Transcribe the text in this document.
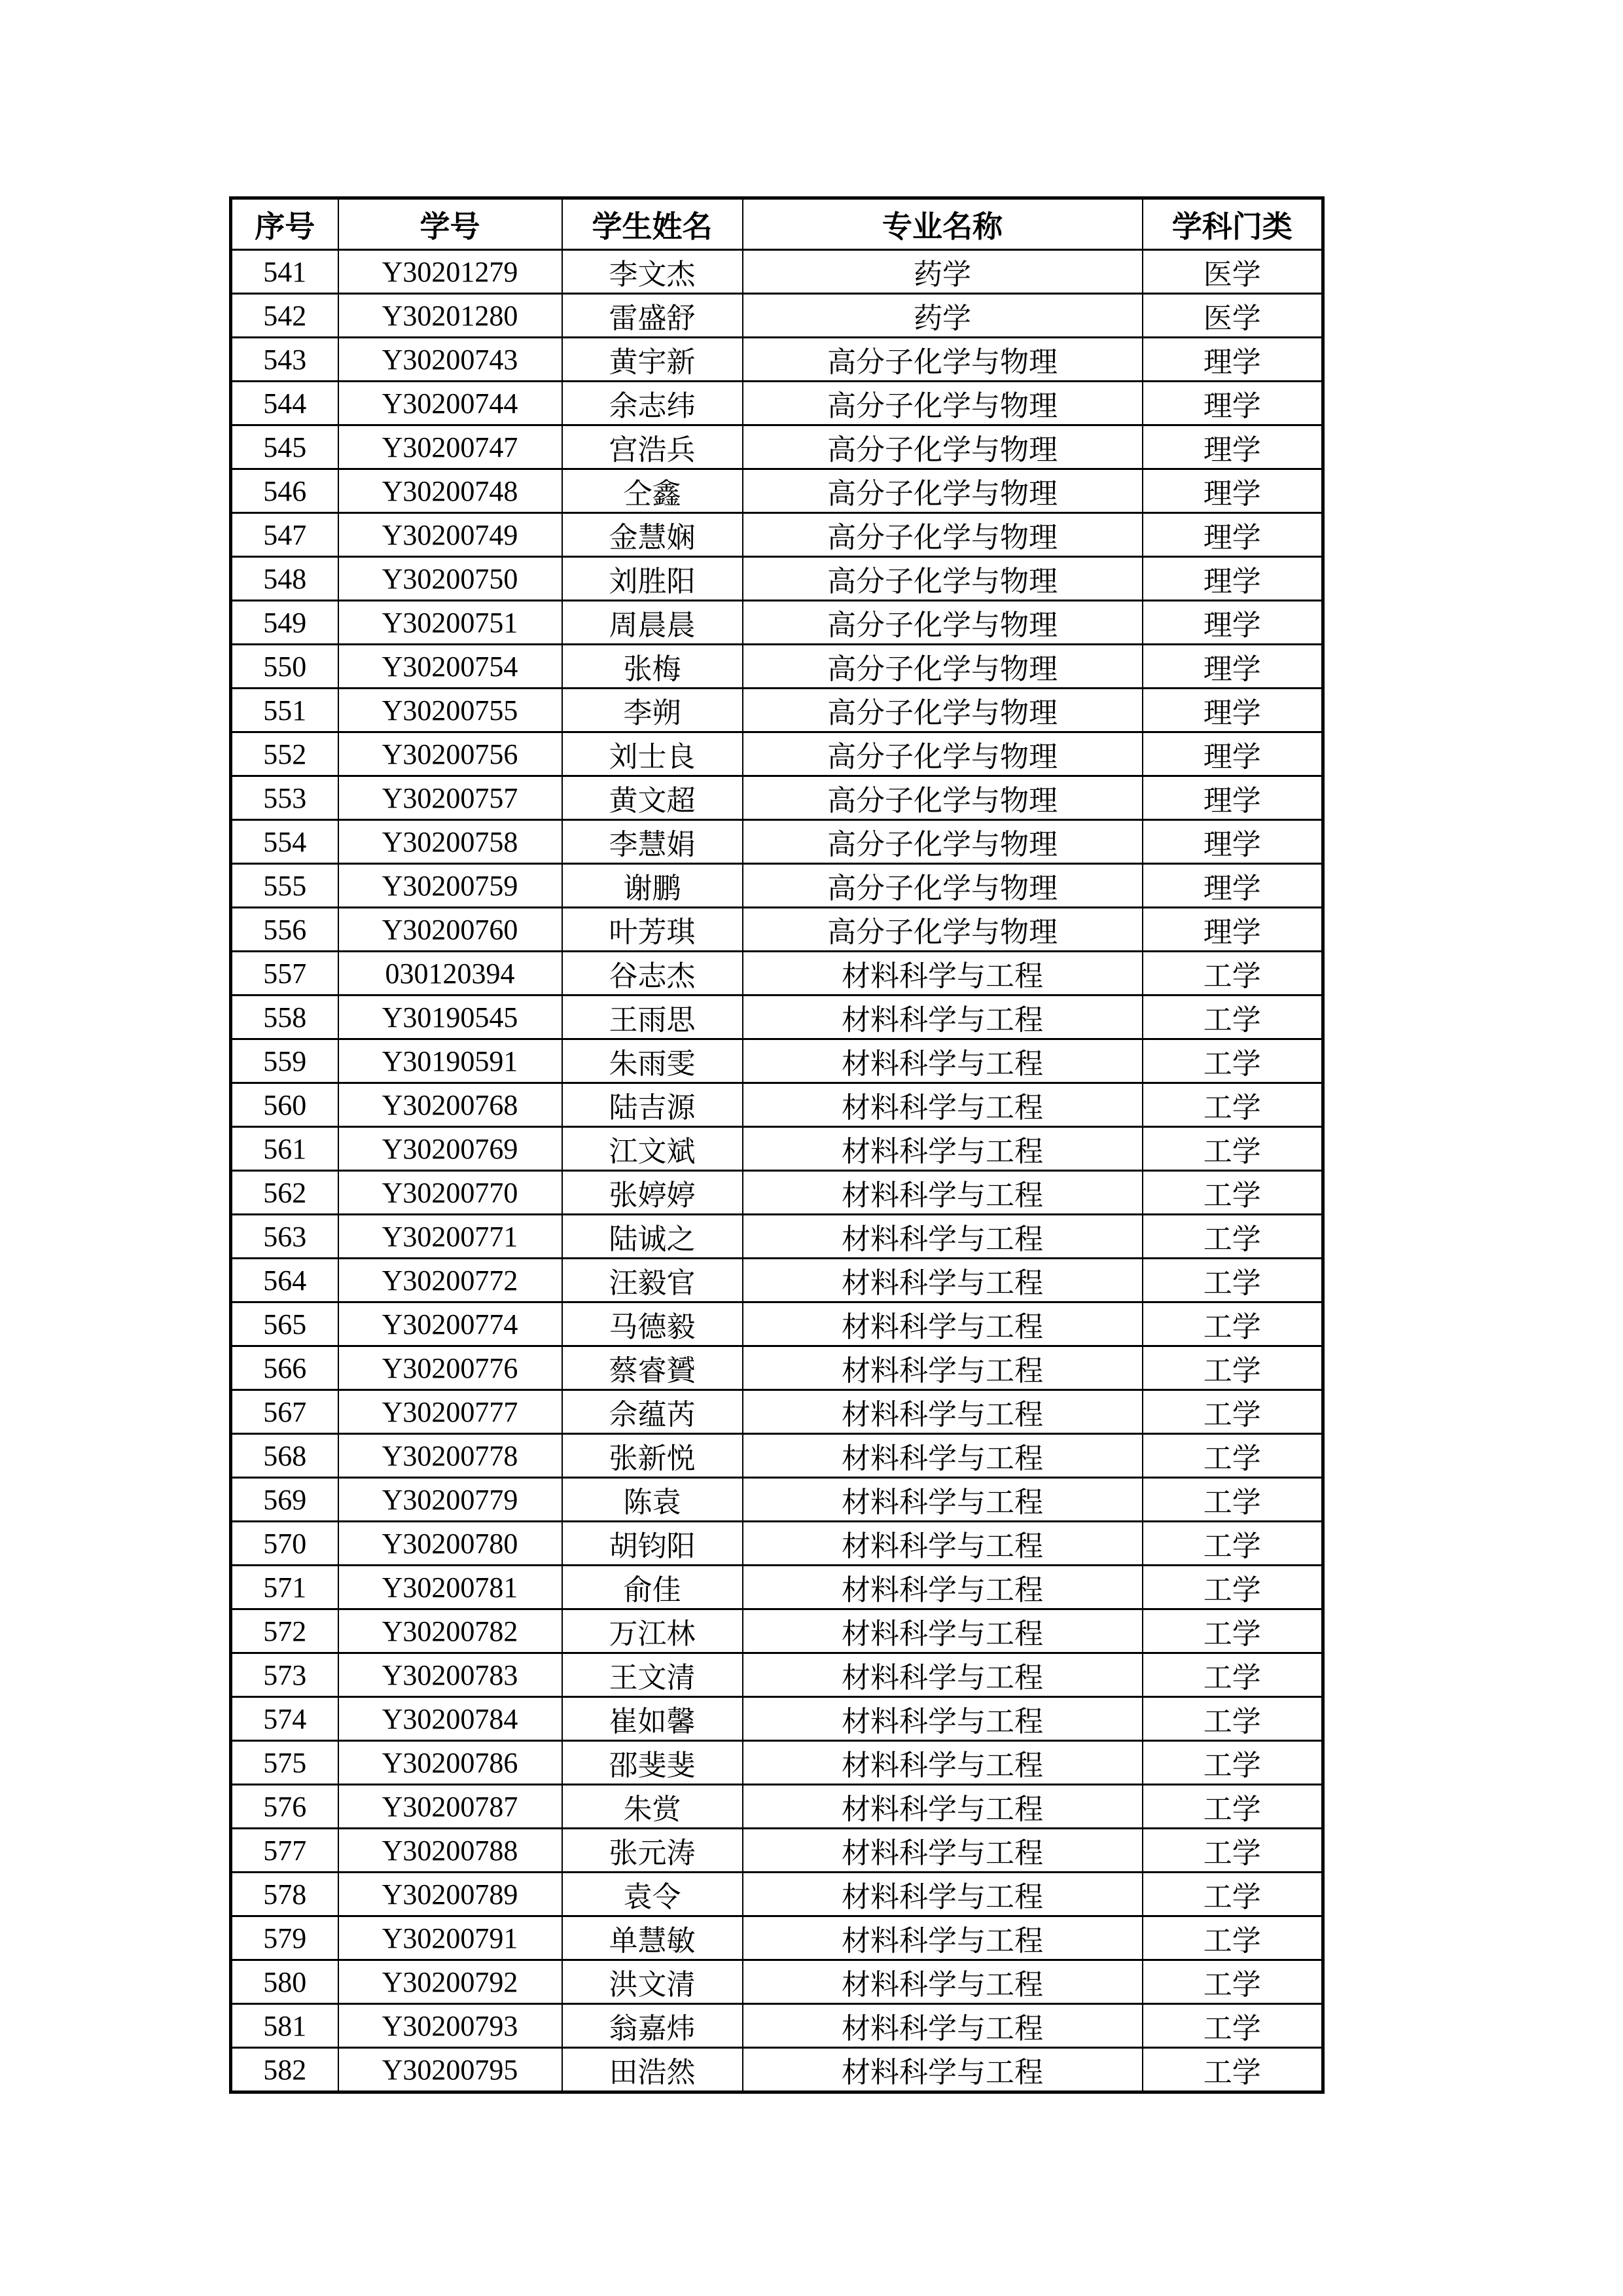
序号	学号	学生姓名	专业名称	学科门类
541	Y30201279	李文杰	药学	医学
542	Y30201280	雷盛舒	药学	医学
543	Y30200743	黄宇新	高分子化学与物理	理学
544	Y30200744	余志纬	高分子化学与物理	理学
545	Y30200747	宫浩兵	高分子化学与物理	理学
546	Y30200748	仝鑫	高分子化学与物理	理学
547	Y30200749	金慧娴	高分子化学与物理	理学
548	Y30200750	刘胜阳	高分子化学与物理	理学
549	Y30200751	周晨晨	高分子化学与物理	理学
550	Y30200754	张梅	高分子化学与物理	理学
551	Y30200755	李朔	高分子化学与物理	理学
552	Y30200756	刘士良	高分子化学与物理	理学
553	Y30200757	黄文超	高分子化学与物理	理学
554	Y30200758	李慧娟	高分子化学与物理	理学
555	Y30200759	谢鹏	高分子化学与物理	理学
556	Y30200760	叶芳琪	高分子化学与物理	理学
557	030120394	谷志杰	材料科学与工程	工学
558	Y30190545	王雨思	材料科学与工程	工学
559	Y30190591	朱雨雯	材料科学与工程	工学
560	Y30200768	陆吉源	材料科学与工程	工学
561	Y30200769	江文斌	材料科学与工程	工学
562	Y30200770	张婷婷	材料科学与工程	工学
563	Y30200771	陆诚之	材料科学与工程	工学
564	Y30200772	汪毅官	材料科学与工程	工学
565	Y30200774	马德毅	材料科学与工程	工学
566	Y30200776	蔡睿贇	材料科学与工程	工学
567	Y30200777	佘蕴芮	材料科学与工程	工学
568	Y30200778	张新悦	材料科学与工程	工学
569	Y30200779	陈袁	材料科学与工程	工学
570	Y30200780	胡钧阳	材料科学与工程	工学
571	Y30200781	俞佳	材料科学与工程	工学
572	Y30200782	万江林	材料科学与工程	工学
573	Y30200783	王文清	材料科学与工程	工学
574	Y30200784	崔如馨	材料科学与工程	工学
575	Y30200786	邵斐斐	材料科学与工程	工学
576	Y30200787	朱赏	材料科学与工程	工学
577	Y30200788	张元涛	材料科学与工程	工学
578	Y30200789	袁令	材料科学与工程	工学
579	Y30200791	单慧敏	材料科学与工程	工学
580	Y30200792	洪文清	材料科学与工程	工学
581	Y30200793	翁嘉炜	材料科学与工程	工学
582	Y30200795	田浩然	材料科学与工程	工学
